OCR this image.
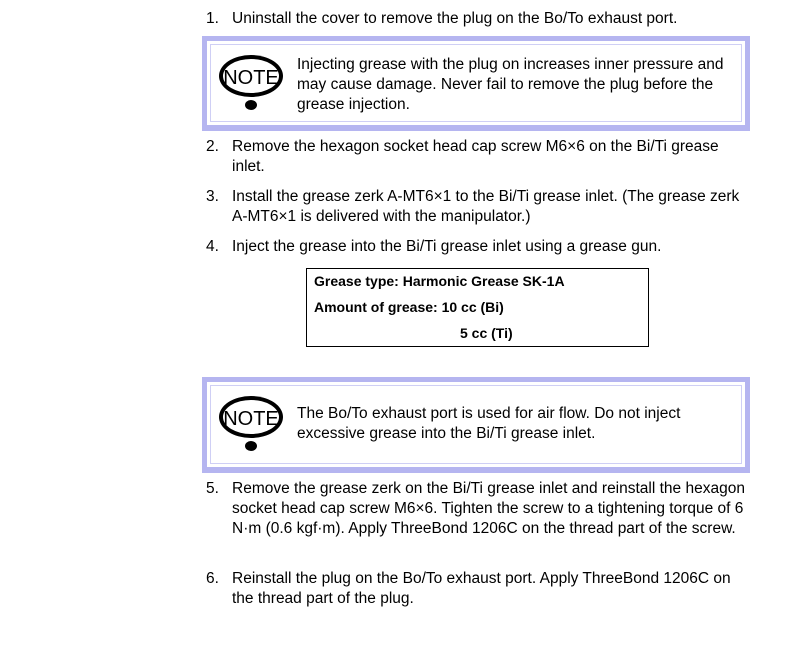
1. Uninstall the cover to remove the plug on the Bo/To exhaust port.
NOTE
Injecting grease with the plug on increases inner pressure and may cause damage. Never fail to remove the plug before the grease injection.
2. Remove the hexagon socket head cap screw M6×6 on the Bi/Ti grease inlet.
3. Install the grease zerk A-MT6×1 to the Bi/Ti grease inlet. (The grease zerk A-MT6×1 is delivered with the manipulator.)
4. Inject the grease into the Bi/Ti grease inlet using a grease gun.
Grease type: Harmonic Grease SK-1A
Amount of grease: 10 cc (Bi)
5 cc (Ti)
NOTE The Bo/To exhaust port is used for air flow. Do not inject excessive grease into the Bi/Ti grease inlet.
5. Remove the grease zerk on the Bi/Ti grease inlet and reinstall the hexagon socket head cap screw M6×6. Tighten the screw to a tightening torque of 6 N·m (0.6 kgf·m). Apply ThreeBond 1206C on the thread part of the screw.
6. Reinstall the plug on the Bo/To exhaust port. Apply ThreeBond 1206C on the thread part of the plug.
